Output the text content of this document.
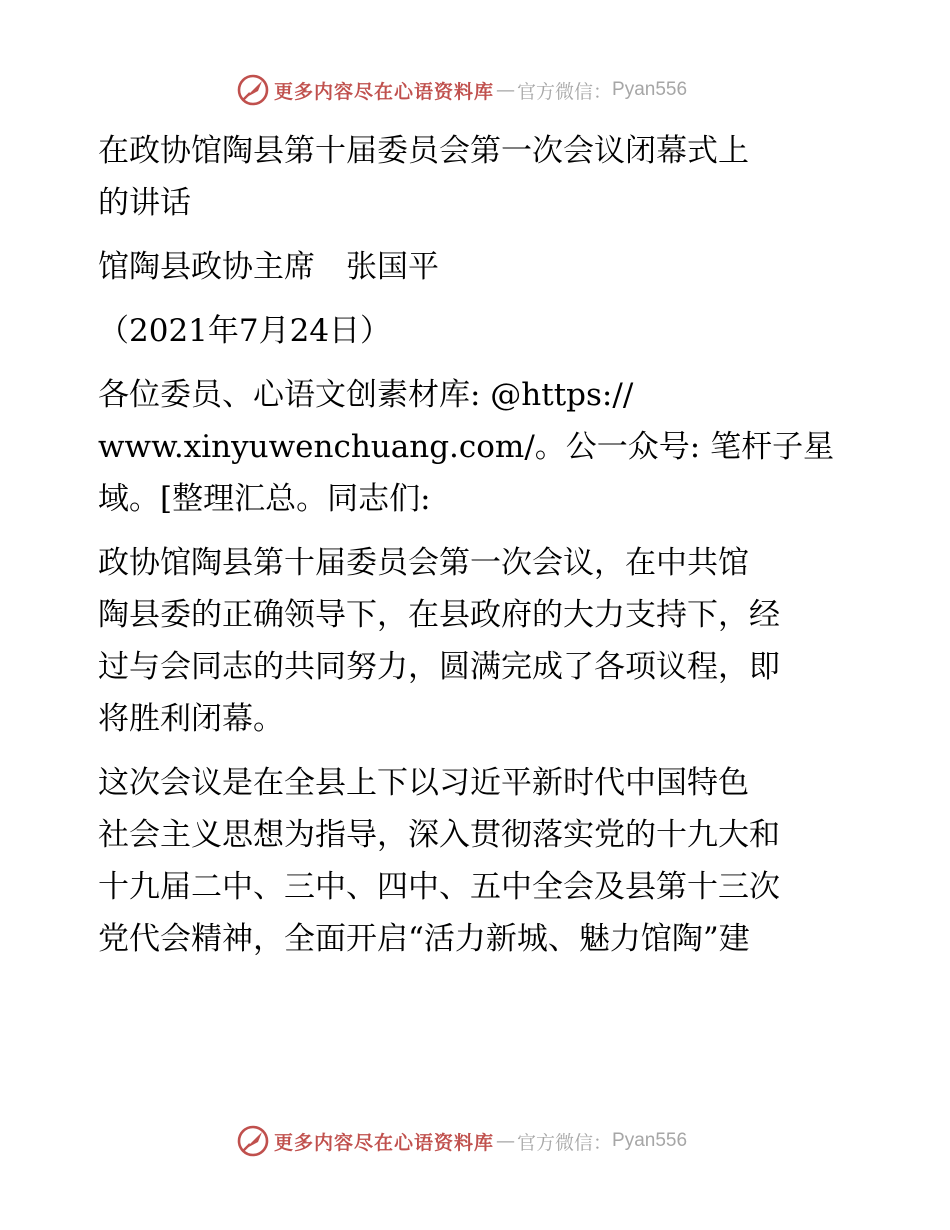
更多内容尽在心语资料库 — 官方微信： Pyan556

在政协馆陶县第十届委员会第一次会议闭幕式上

的讲话

馆陶县政协主席　张国平

（2021年7月24日）

各位委员、心语文创素材库: @https://

www.xinyuwenchuang.com/。公一众号: 笔杆子星

域。[整理汇总。同志们:

政协馆陶县第十届委员会第一次会议，在中共馆

陶县委的正确领导下，在县政府的大力支持下，经

过与会同志的共同努力，圆满完成了各项议程，即

将胜利闭幕。

这次会议是在全县上下以习近平新时代中国特色

社会主义思想为指导，深入贯彻落实党的十九大和

十九届二中、三中、四中、五中全会及县第十三次

党代会精神，全面开启“活力新城、魅力馆陶”建

更多内容尽在心语资料库 — 官方微信： Pyan556
